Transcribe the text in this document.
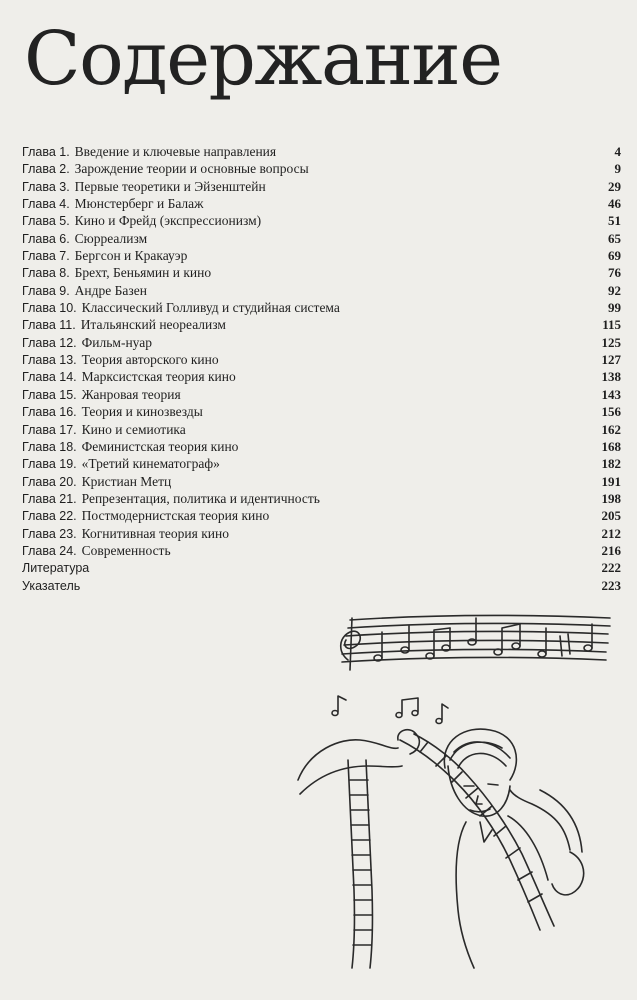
Содержание
Глава 1. Введение и ключевые направления	4
Глава 2. Зарождение теории и основные вопросы	9
Глава 3. Первые теоретики и Эйзенштейн	29
Глава 4. Мюнстерберг и Балаж	46
Глава 5. Кино и Фрейд (экспрессионизм)	51
Глава 6. Сюрреализм	65
Глава 7. Бергсон и Кракауэр	69
Глава 8. Брехт, Беньямин и кино	76
Глава 9. Андре Базен	92
Глава 10. Классический Голливуд и студийная система	99
Глава 11. Итальянский неореализм	115
Глава 12. Фильм-нуар	125
Глава 13. Теория авторского кино	127
Глава 14. Марксистская теория кино	138
Глава 15. Жанровая теория	143
Глава 16. Теория и кинозвезды	156
Глава 17. Кино и семиотика	162
Глава 18. Феминистская теория кино	168
Глава 19. «Третий кинематограф»	182
Глава 20. Кристиан Метц	191
Глава 21. Репрезентация, политика и идентичность	198
Глава 22. Постмодернистская теория кино	205
Глава 23. Когнитивная теория кино	212
Глава 24. Современность	216
Литература	222
Указатель	223
